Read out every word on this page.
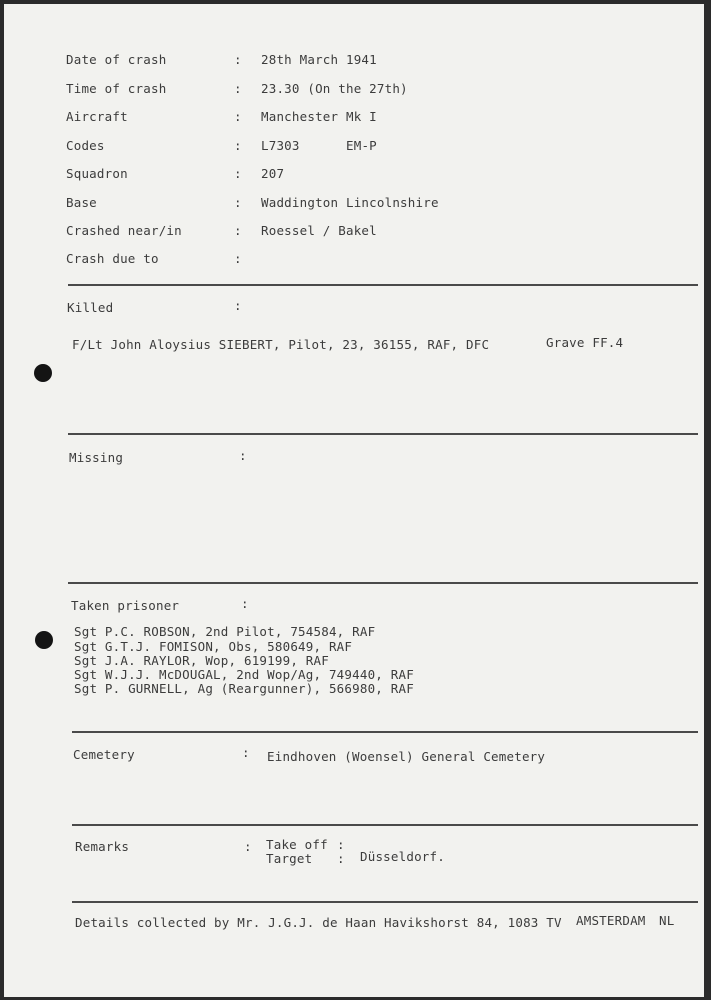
Date of crash	: 28th March 1941
Time of crash	: 23.30 (On the 27th)
Aircraft	: Manchester Mk I
Codes	: L7303	EM-P
Squadron	: 207
Base	: Waddington Lincolnshire
Crashed near/in	: Roessel / Bakel
Crash due to	:
Killed	:
F/Lt John Aloysius SIEBERT, Pilot, 23, 36155, RAF, DFC	Grave FF.4
Missing	:
Taken prisoner	:
Sgt P.C. ROBSON, 2nd Pilot, 754584, RAF
Sgt G.T.J. FOMISON, Obs, 580649, RAF
Sgt J.A. RAYLOR, Wop, 619199, RAF
Sgt W.J.J. McDOUGAL, 2nd Wop/Ag, 749440, RAF
Sgt P. GURNELL, Ag (Reargunner), 566980, RAF
Cemetery	: Eindhoven (Woensel) General Cemetery
Remarks	: Take off :
Target : Düsseldorf.
Details collected by Mr. J.G.J. de Haan Havikshorst 84, 1083 TV AMSTERDAM NL
